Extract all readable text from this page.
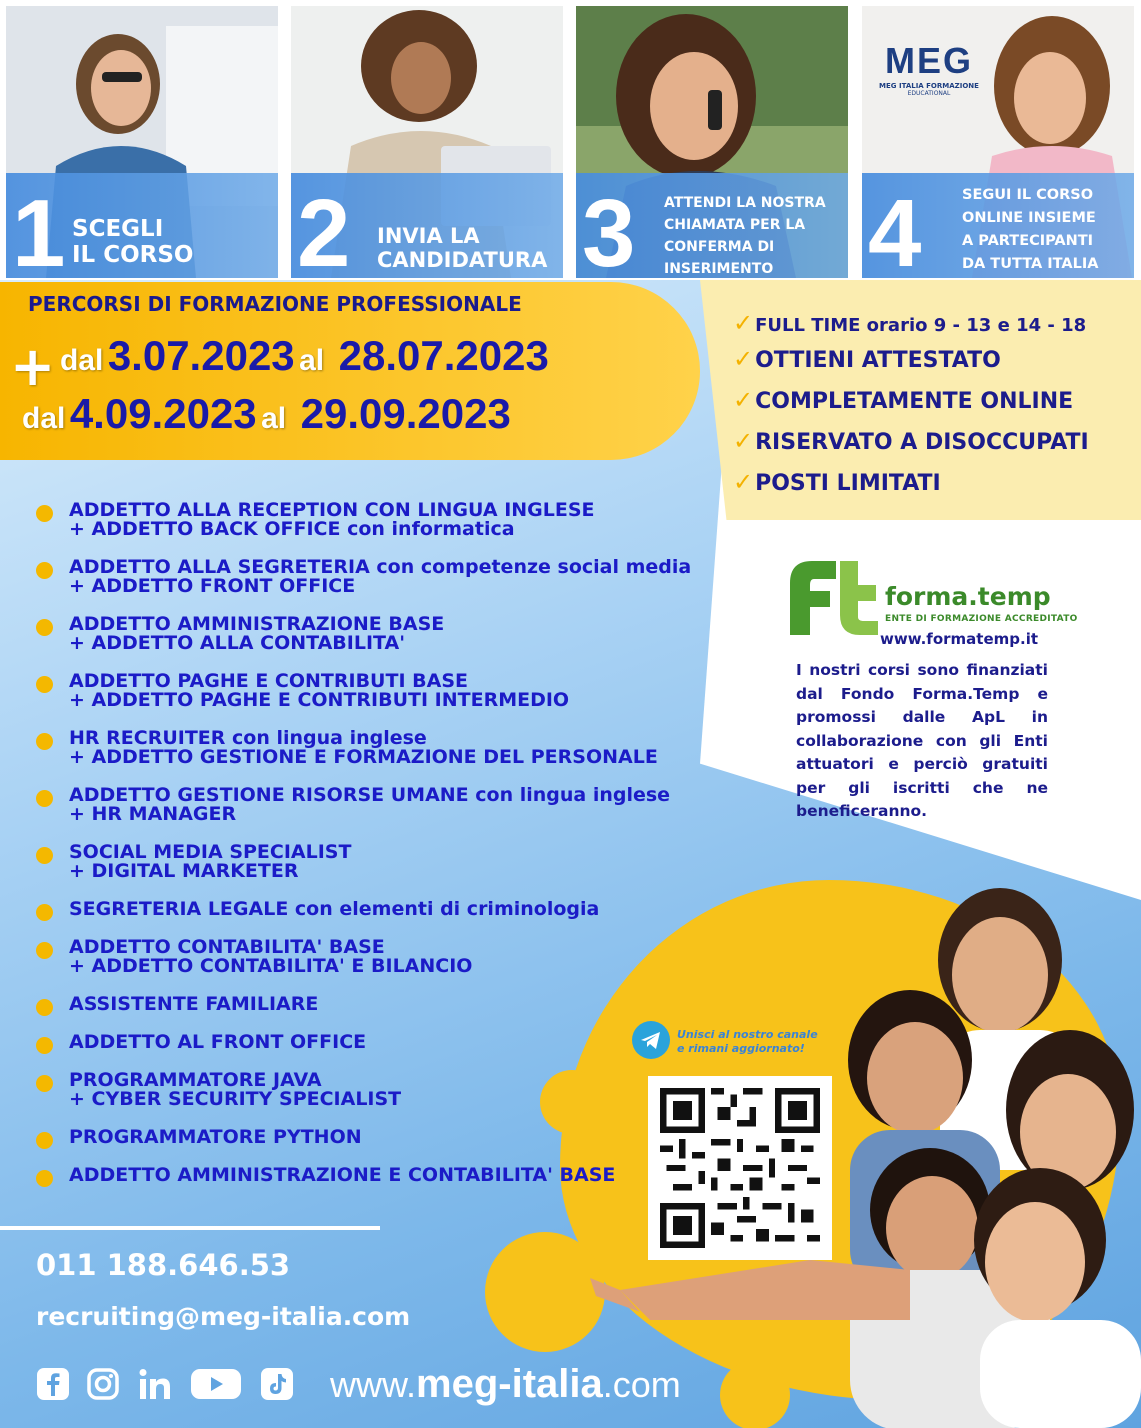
1 SCEGLI
IL CORSO 2 INVIA LA
CANDIDATURA 3 ATTENDI LA NOSTRA
CHIAMATA PER LA
CONFERMA DI
INSERIMENTO
MEG
MEG ITALIA FORMAZIONE
EDUCATIONAL
4	SEGUI IL CORSO
ONLINE INSIEME
A PARTECIPANTI
DA TUTTA ITALIA
PERCORSI DI FORMAZIONE PROFESSIONALE
+ dal 3.07.2023 al 28.07.2023
dal 4.09.2023 al 29.09.2023
✓ FULL TIME orario 9 - 13 e 14 - 18
✓OTTIENI ATTESTATO
✓COMPLETAMENTE ONLINE
✓RISERVATO A DISOCCUPATI
✓POSTI LIMITATI
ADDETTO ALLA RECEPTION CON LINGUA INGLESE
+ ADDETTO BACK OFFICE con informatica
ADDETTO ALLA SEGRETERIA con competenze social media
+ ADDETTO FRONT OFFICE
ADDETTO AMMINISTRAZIONE BASE
+ ADDETTO ALLA CONTABILITA'
ADDETTO PAGHE E CONTRIBUTI BASE
+ ADDETTO PAGHE E CONTRIBUTI INTERMEDIO
HR RECRUITER con lingua inglese
+ ADDETTO GESTIONE E FORMAZIONE DEL PERSONALE
ADDETTO GESTIONE RISORSE UMANE con lingua inglese
+ HR MANAGER
SOCIAL MEDIA SPECIALIST
+ DIGITAL MARKETER
SEGRETERIA LEGALE con elementi di criminologia
ADDETTO CONTABILITA' BASE
+ ADDETTO CONTABILITA' E BILANCIO
ASSISTENTE FAMILIARE
ADDETTO AL FRONT OFFICE
PROGRAMMATORE JAVA
+ CYBER SECURITY SPECIALIST
PROGRAMMATORE PYTHON
ADDETTO AMMINISTRAZIONE E CONTABILITA' BASE
forma.temp
ENTE DI FORMAZIONE ACCREDITATO
www.formatemp.it
I nostri corsi sono finanziati dal Fondo Forma.Temp e promossi dalle ApL in collaborazione con gli Enti attuatori e perciò gratuiti per gli iscritti che ne beneficeranno.
Unisci al nostro canale
e rimani aggiornato!
011 188.646.53
recruiting@meg-italia.com
www.meg-italia.com
